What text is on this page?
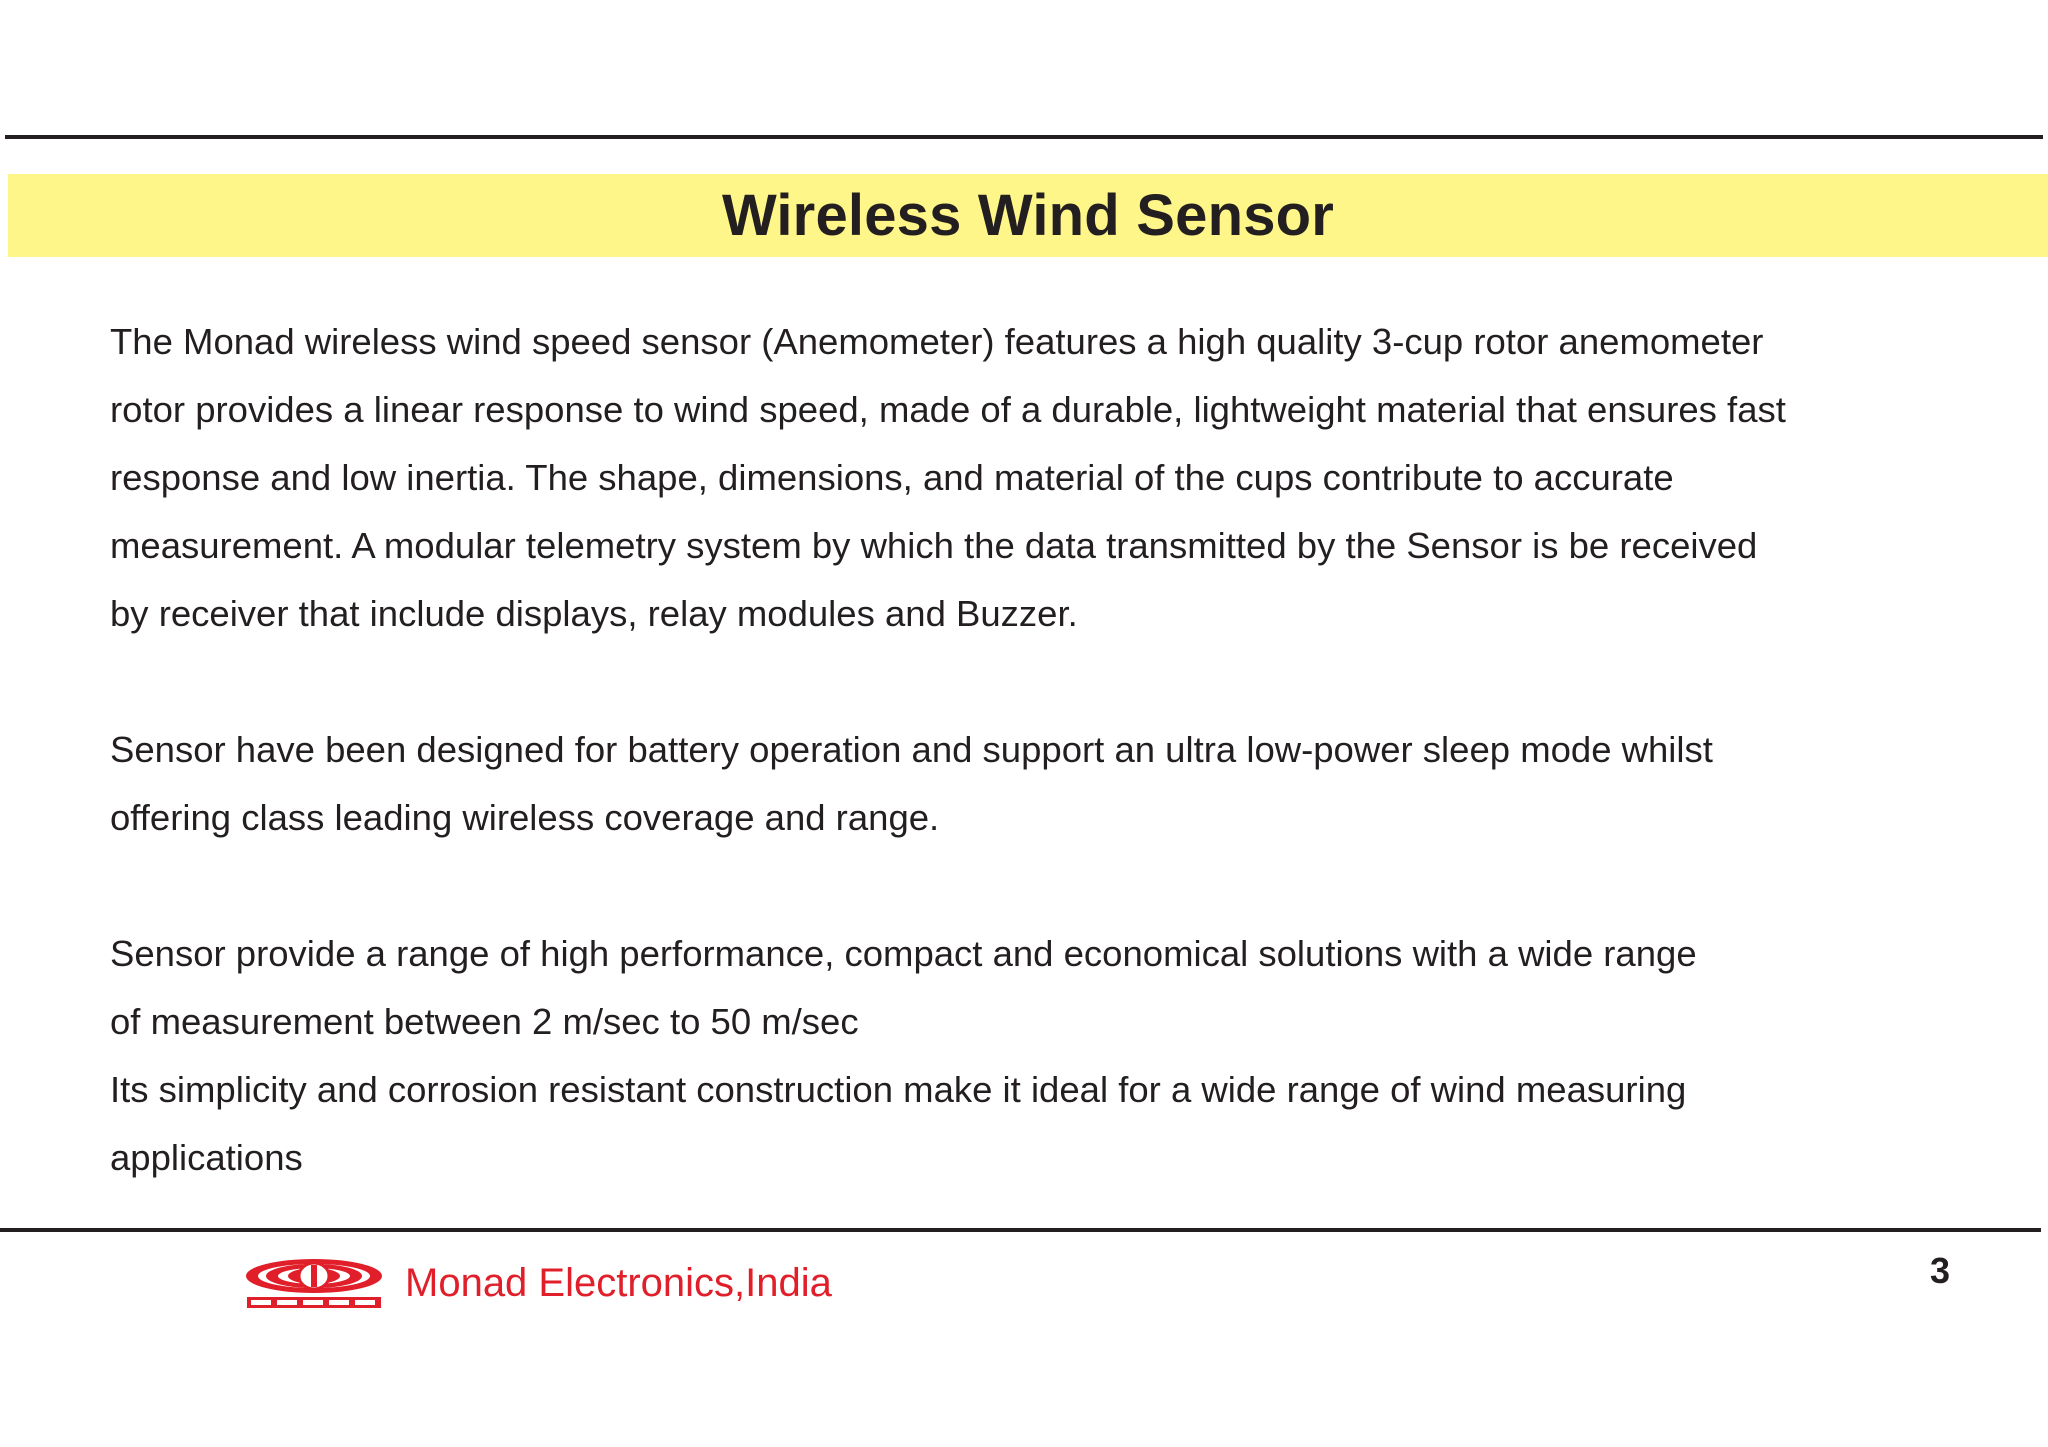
Wireless Wind Sensor

The Monad wireless wind speed sensor (Anemometer) features a high quality 3-cup rotor anemometer

rotor provides a linear response to wind speed, made of a durable, lightweight material that ensures fast

response and low inertia. The shape, dimensions, and material of the cups contribute to accurate

measurement. A modular telemetry system by which the data transmitted by the Sensor is be received

by receiver that include displays, relay modules and Buzzer.

Sensor have been designed for battery operation and support an ultra low-power sleep mode whilst

offering class leading wireless coverage and range.

Sensor provide a range of high performance, compact and economical solutions with a wide range

of measurement between 2 m/sec to 50 m/sec

Its simplicity and corrosion resistant construction make it ideal for a wide range of wind measuring

applications

Monad Electronics,India	3
